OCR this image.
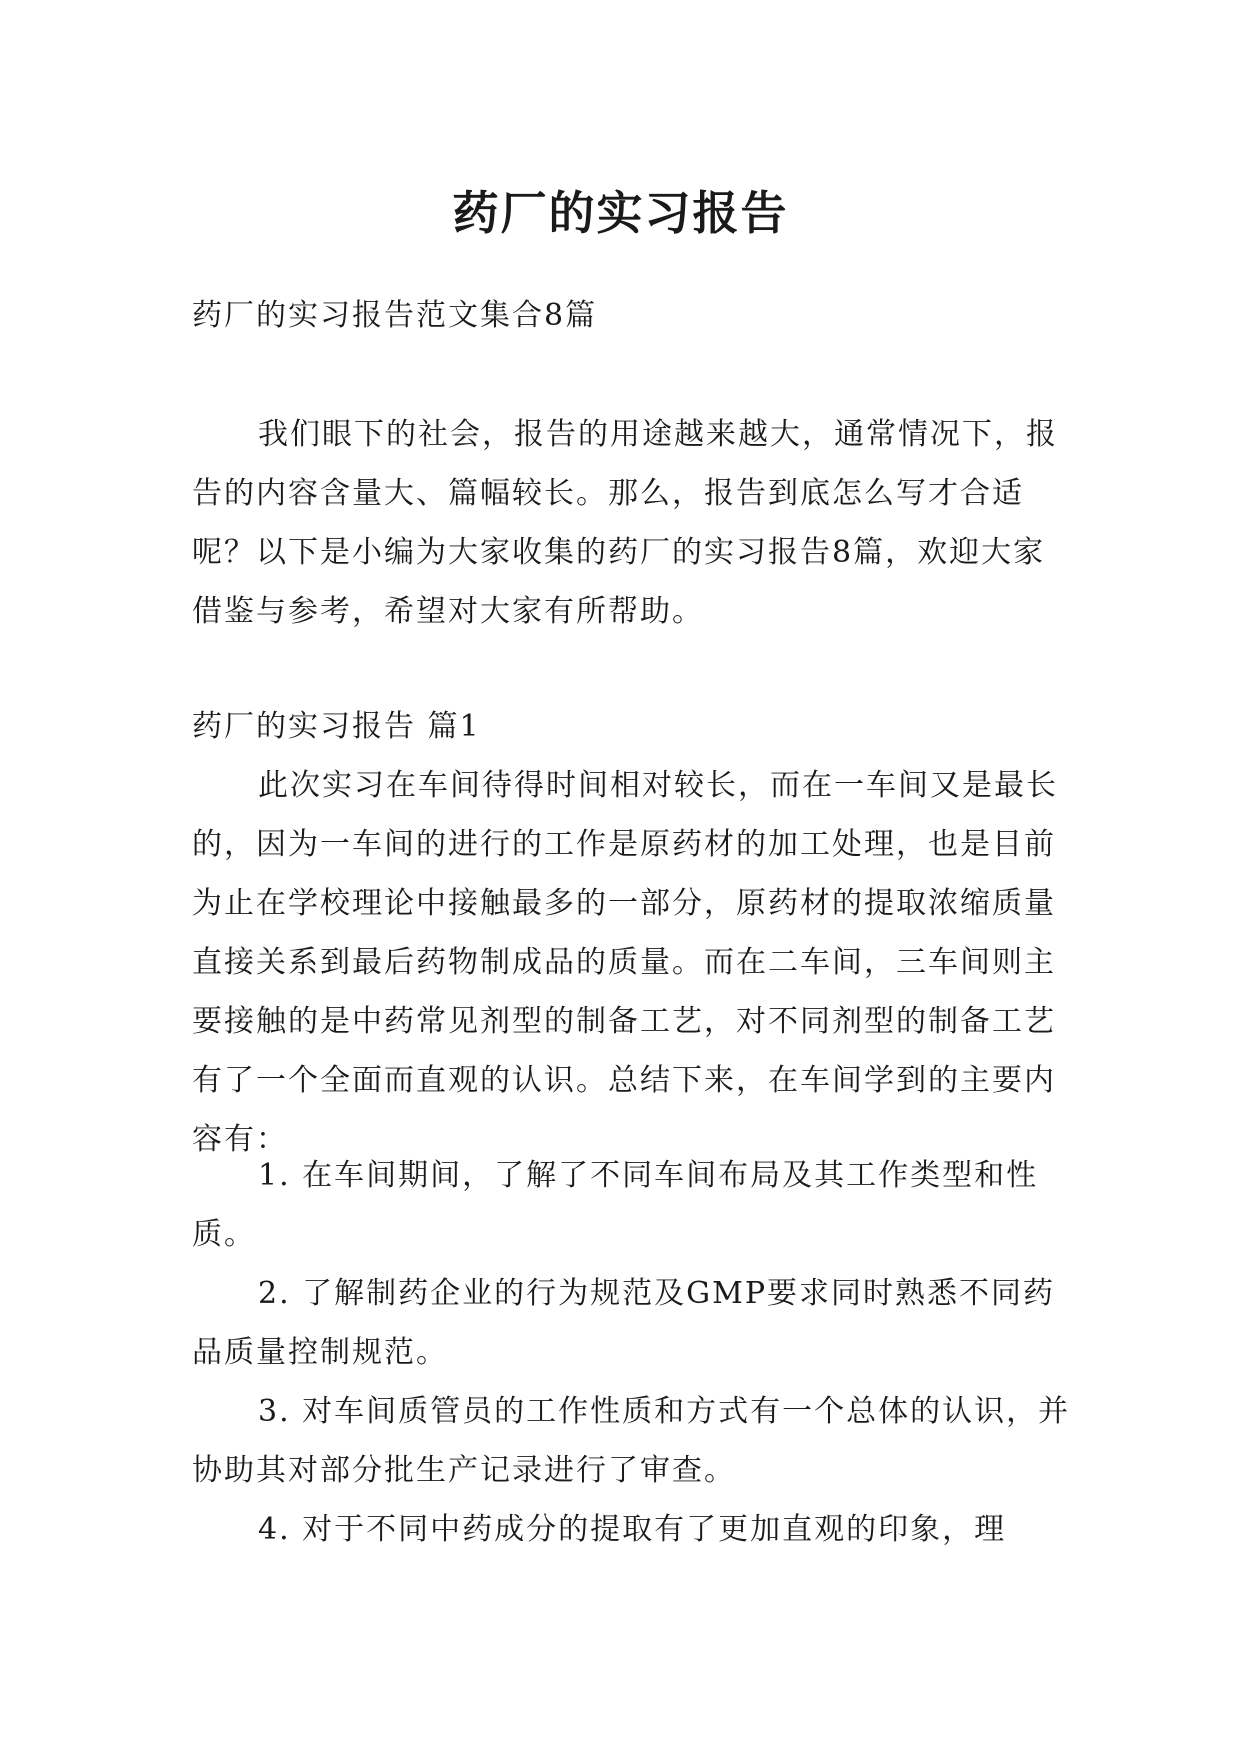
药厂的实习报告

药厂的实习报告范文集合8篇

我们眼下的社会，报告的用途越来越大，通常情况下，报告的内容含量大、篇幅较长。那么，报告到底怎么写才合适呢？以下是小编为大家收集的药厂的实习报告8篇，欢迎大家借鉴与参考，希望对大家有所帮助。

药厂的实习报告 篇1

此次实习在车间待得时间相对较长，而在一车间又是最长的，因为一车间的进行的工作是原药材的加工处理，也是目前为止在学校理论中接触最多的一部分，原药材的提取浓缩质量直接关系到最后药物制成品的质量。而在二车间，三车间则主要接触的是中药常见剂型的制备工艺，对不同剂型的制备工艺有了一个全面而直观的认识。总结下来，在车间学到的主要内容有：

1. 在车间期间，了解了不同车间布局及其工作类型和性质。

2. 了解制药企业的行为规范及GMP要求同时熟悉不同药品质量控制规范。

3. 对车间质管员的工作性质和方式有一个总体的认识，并协助其对部分批生产记录进行了审查。

4. 对于不同中药成分的提取有了更加直观的印象，理
